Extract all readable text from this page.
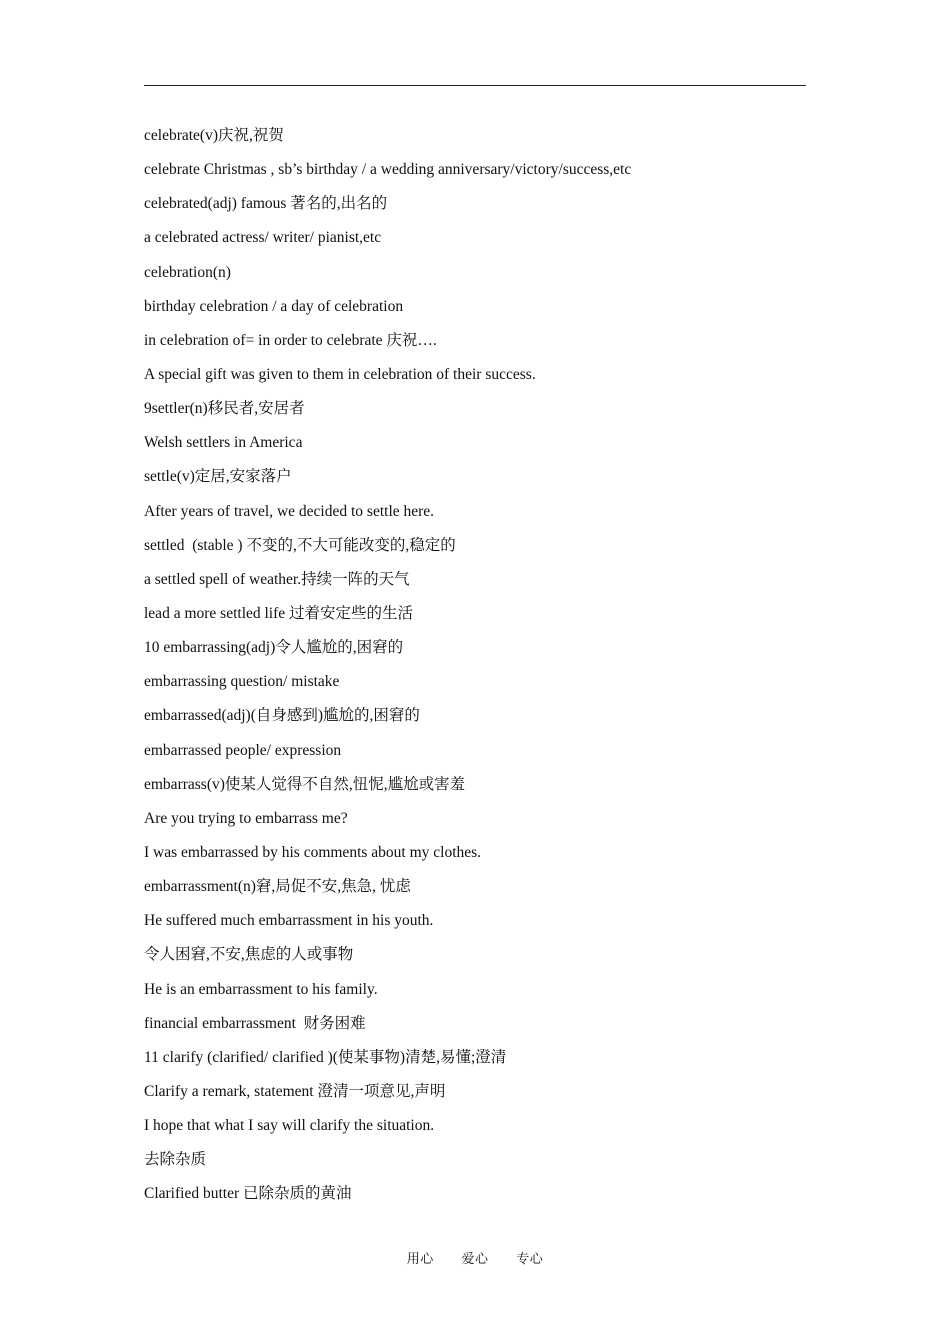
celebrate(v)庆祝,祝贺
celebrate Christmas , sb’s birthday / a wedding anniversary/victory/success,etc
celebrated(adj) famous 著名的,出名的
a celebrated actress/ writer/ pianist,etc
celebration(n)
birthday celebration / a day of celebration
in celebration of= in order to celebrate 庆祝….
A special gift was given to them in celebration of their success.
9settler(n)移民者,安居者
Welsh settlers in America
settle(v)定居,安家落户
After years of travel, we decided to settle here.
settled  (stable ) 不变的,不大可能改变的,稳定的
a settled spell of weather.持续一阵的天气
lead a more settled life 过着安定些的生活
10 embarrassing(adj)令人尴尬的,困窘的
embarrassing question/ mistake
embarrassed(adj)(自身感到)尴尬的,困窘的
embarrassed people/ expression
embarrass(v)使某人觉得不自然,忸怩,尴尬或害羞
Are you trying to embarrass me?
I was embarrassed by his comments about my clothes.
embarrassment(n)窘,局促不安,焦急, 忧虑
He suffered much embarrassment in his youth.
令人困窘,不安,焦虑的人或事物
He is an embarrassment to his family.
financial embarrassment  财务困难
11 clarify (clarified/ clarified )(使某事物)清楚,易懂;澄清
Clarify a remark, statement 澄清一项意见,声明
I hope that what I say will clarify the situation.
去除杂质
Clarified butter 已除杂质的黄油
用心 爱心 专心
